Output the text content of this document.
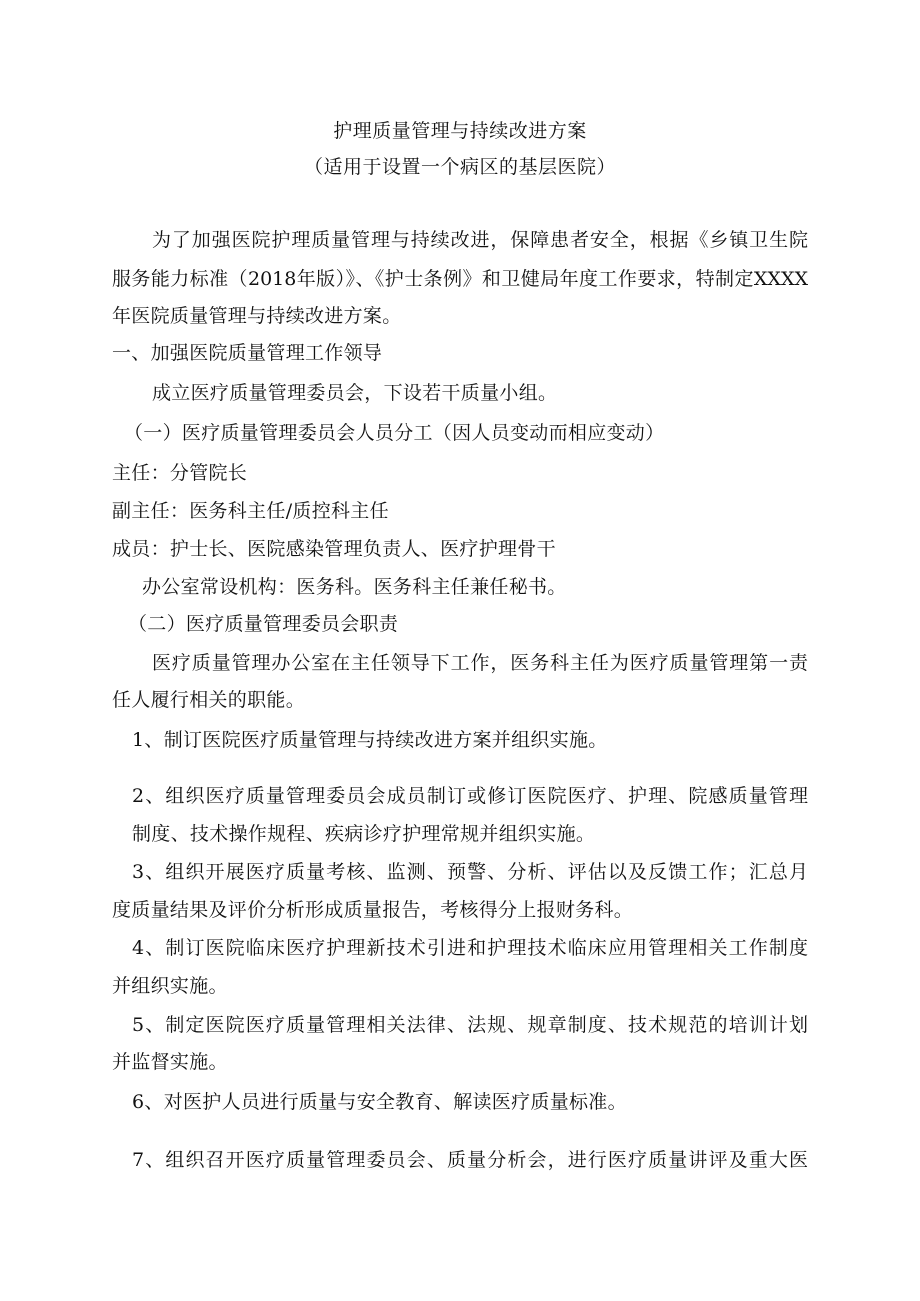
护理质量管理与持续改进方案
（适用于设置一个病区的基层医院）
为了加强医院护理质量管理与持续改进，保障患者安全，根据《乡镇卫生院
服务能力标准（2018年版）》、《护士条例》和卫健局年度工作要求，特制定XXXX
年医院质量管理与持续改进方案。
一、加强医院质量管理工作领导
成立医疗质量管理委员会，下设若干质量小组。
（一）医疗质量管理委员会人员分工（因人员变动而相应变动）
主任：分管院长
副主任：医务科主任/质控科主任
成员：护士长、医院感染管理负责人、医疗护理骨干
办公室常设机构：医务科。医务科主任兼任秘书。
（二）医疗质量管理委员会职责
医疗质量管理办公室在主任领导下工作，医务科主任为医疗质量管理第一责
任人履行相关的职能。
1、制订医院医疗质量管理与持续改进方案并组织实施。
2、组织医疗质量管理委员会成员制订或修订医院医疗、护理、院感质量管理
制度、技术操作规程、疾病诊疗护理常规并组织实施。
3、组织开展医疗质量考核、监测、预警、分析、评估以及反馈工作；汇总月
度质量结果及评价分析形成质量报告，考核得分上报财务科。
4、制订医院临床医疗护理新技术引进和护理技术临床应用管理相关工作制度
并组织实施。
5、制定医院医疗质量管理相关法律、法规、规章制度、技术规范的培训计划
并监督实施。
6、对医护人员进行质量与安全教育、解读医疗质量标准。
7、组织召开医疗质量管理委员会、质量分析会，进行医疗质量讲评及重大医
